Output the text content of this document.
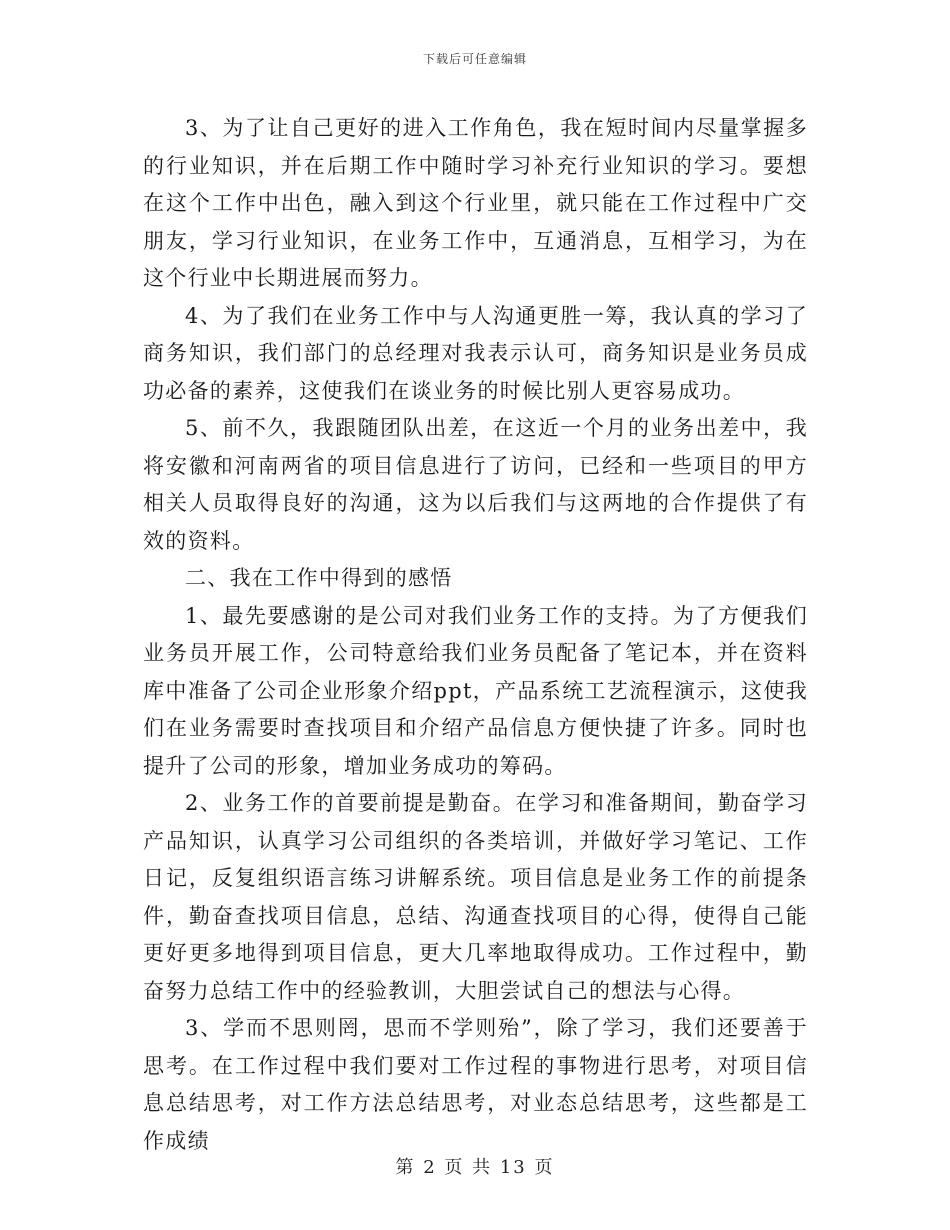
下载后可任意编辑

3、为了让自己更好的进入工作角色，我在短时间内尽量掌握多的行业知识，并在后期工作中随时学习补充行业知识的学习。要想在这个工作中出色，融入到这个行业里，就只能在工作过程中广交朋友，学习行业知识，在业务工作中，互通消息，互相学习，为在这个行业中长期进展而努力。

4、为了我们在业务工作中与人沟通更胜一筹，我认真的学习了商务知识，我们部门的总经理对我表示认可，商务知识是业务员成功必备的素养，这使我们在谈业务的时候比别人更容易成功。

5、前不久，我跟随团队出差，在这近一个月的业务出差中，我将安徽和河南两省的项目信息进行了访问，已经和一些项目的甲方相关人员取得良好的沟通，这为以后我们与这两地的合作提供了有效的资料。

二、我在工作中得到的感悟

1、最先要感谢的是公司对我们业务工作的支持。为了方便我们业务员开展工作，公司特意给我们业务员配备了笔记本，并在资料库中准备了公司企业形象介绍ppt，产品系统工艺流程演示，这使我们在业务需要时查找项目和介绍产品信息方便快捷了许多。同时也提升了公司的形象，增加业务成功的筹码。

2、业务工作的首要前提是勤奋。在学习和准备期间，勤奋学习产品知识，认真学习公司组织的各类培训，并做好学习笔记、工作日记，反复组织语言练习讲解系统。项目信息是业务工作的前提条件，勤奋查找项目信息，总结、沟通查找项目的心得，使得自己能更好更多地得到项目信息，更大几率地取得成功。工作过程中，勤奋努力总结工作中的经验教训，大胆尝试自己的想法与心得。

3、学而不思则罔，思而不学则殆”，除了学习，我们还要善于思考。在工作过程中我们要对工作过程的事物进行思考，对项目信息总结思考，对工作方法总结思考，对业态总结思考，这些都是工作成绩

第 2 页 共 13 页
